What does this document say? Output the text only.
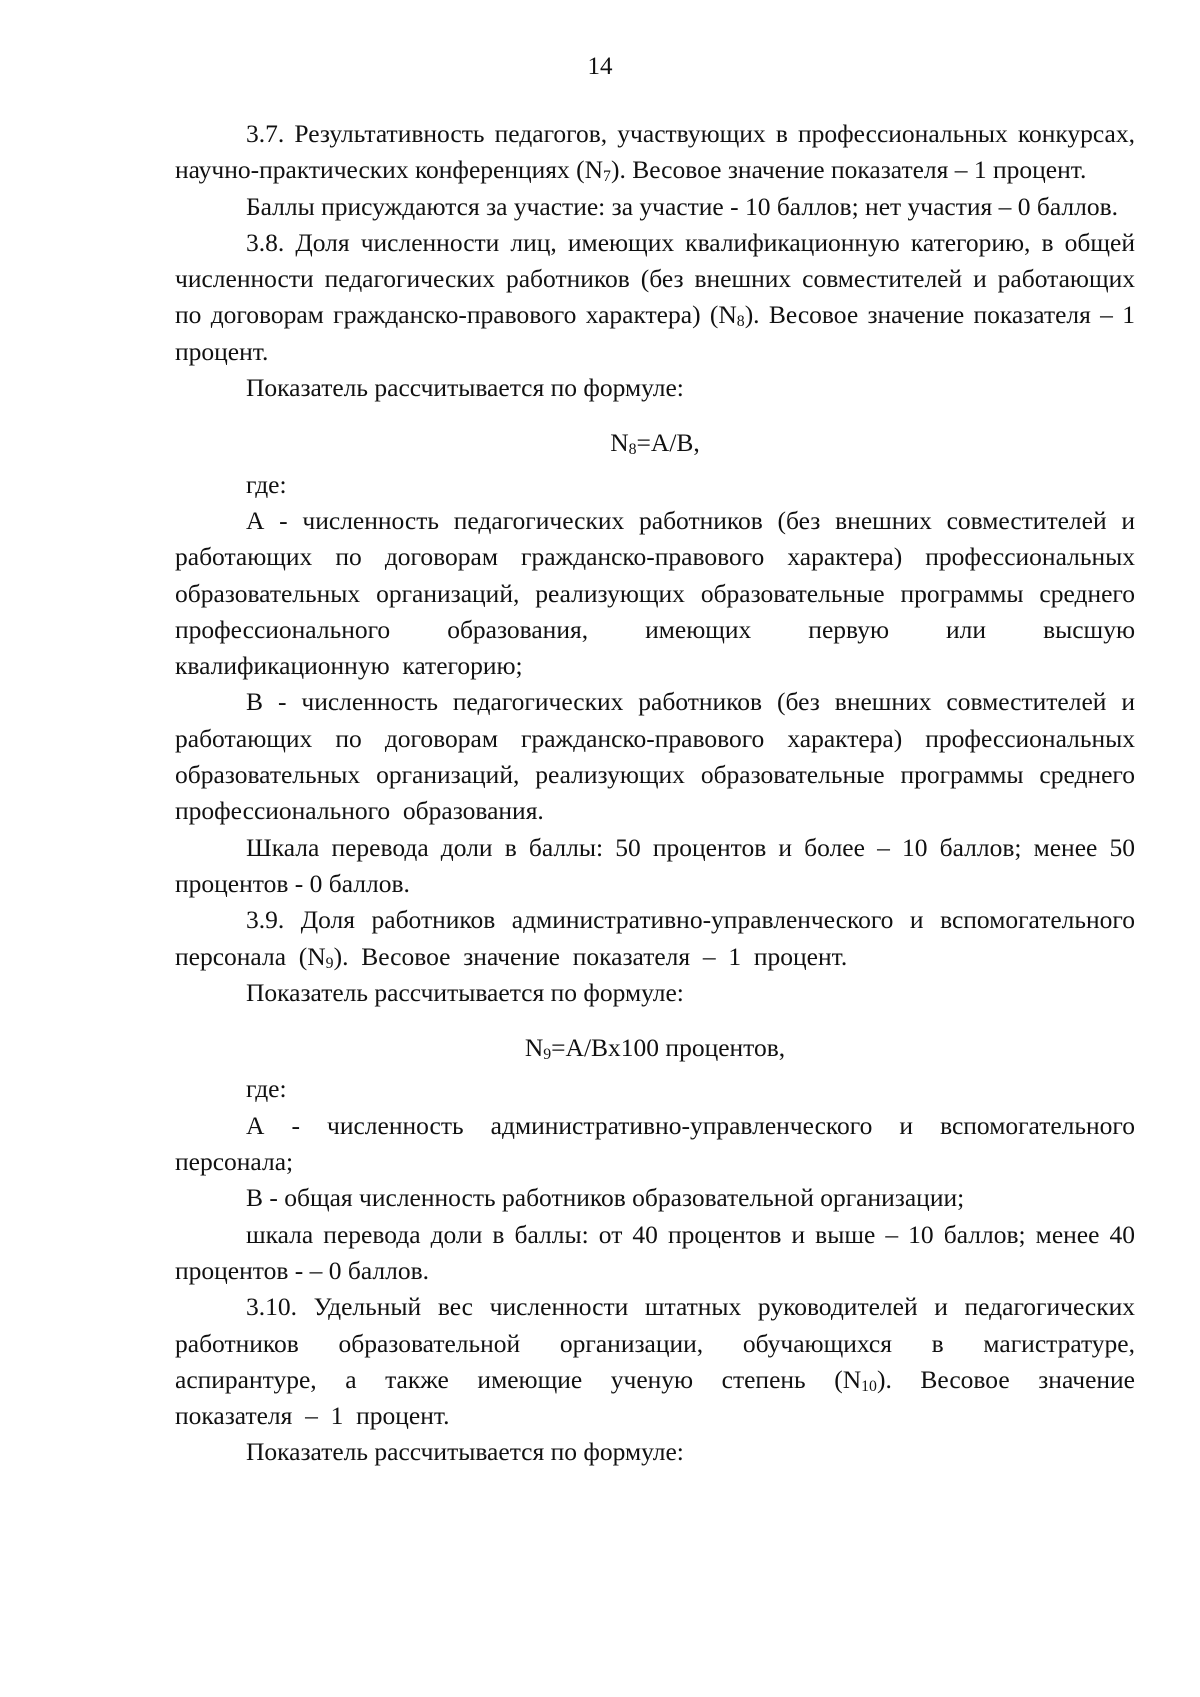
14

3.7. Результативность педагогов, участвующих в профессиональных конкурсах, научно-практических конференциях $(N_7)$. Весовое значение показателя – 1 процент.

Баллы присуждаются за участие: за участие - 10 баллов; нет участия – 0 баллов.

3.8. Доля численности лиц, имеющих квалификационную категорию, в общей численности педагогических работников (без внешних совместителей и работающих по договорам гражданско-правового характера) $(N_8)$. Весовое значение показателя – 1 процент.

Показатель рассчитывается по формуле:

$N_8=A/B$,

где:

А - численность педагогических работников (без внешних совместителей и работающих по договорам гражданско-правового характера) профессиональных образовательных организаций, реализующих образовательные программы среднего профессионального образования, имеющих первую или высшую квалификационную категорию;

В - численность педагогических работников (без внешних совместителей и работающих по договорам гражданско-правового характера) профессиональных образовательных организаций, реализующих образовательные программы среднего профессионального образования.

Шкала перевода доли в баллы: 50 процентов и более – 10 баллов; менее 50 процентов - 0 баллов.

3.9. Доля работников административно-управленческого и вспомогательного персонала $(N_9)$. Весовое значение показателя – 1 процент.

Показатель рассчитывается по формуле:

$N_9=A/Bx100$ процентов,

где:

А - численность административно-управленческого и вспомогательного персонала;

В - общая численность работников образовательной организации;

шкала перевода доли в баллы: от 40 процентов и выше – 10 баллов; менее 40 процентов - – 0 баллов.

3.10. Удельный вес численности штатных руководителей и педагогических работников образовательной организации, обучающихся в магистратуре, аспирантуре, а также имеющие ученую степень $(N_{10})$. Весовое значение показателя – 1 процент.

Показатель рассчитывается по формуле:
